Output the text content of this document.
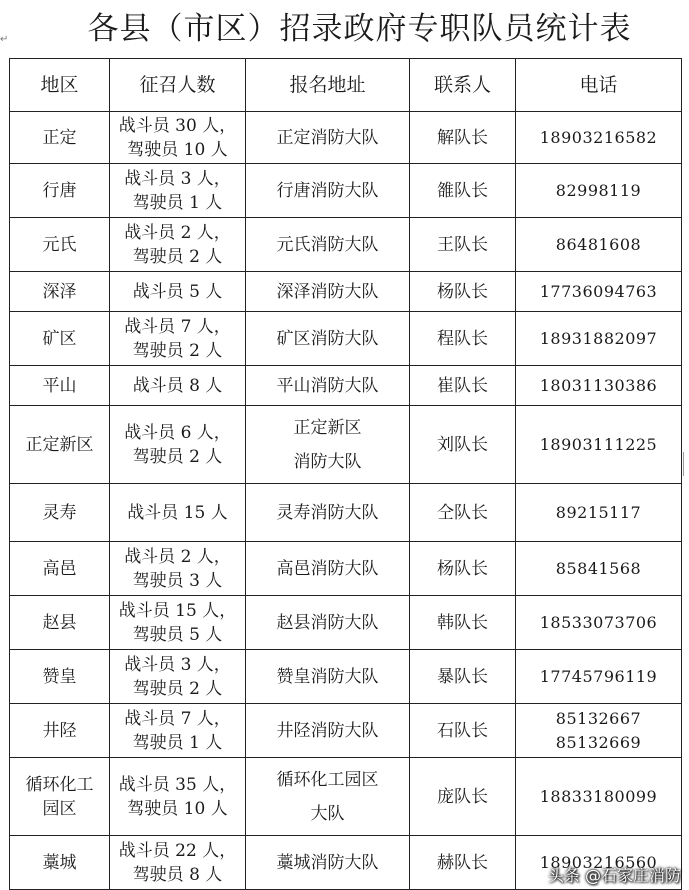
各县（市区）招录政府专职队员统计表
↵
地区	征召人数	报名地址	联系人	电话

正定	战斗员 30 人，
驾驶员 10 人	正定消防大队	解队长	18903216582

行唐	战斗员 3 人，
驾驶员 1 人	行唐消防大队	雒队长	82998119

元氏	战斗员 2 人，
驾驶员 2 人	元氏消防大队	王队长	86481608

深泽	战斗员 5 人	深泽消防大队	杨队长	17736094763

矿区	战斗员 7 人，
驾驶员 2 人	矿区消防大队	程队长	18931882097

平山	战斗员 8 人	平山消防大队	崔队长	18031130386

正定新区	战斗员 6 人，
驾驶员 2 人	正定新区
消防大队	刘队长	18903111225

灵寿	战斗员 15 人	灵寿消防大队	仝队长	89215117

高邑	战斗员 2 人，
驾驶员 3 人	高邑消防大队	杨队长	85841568

赵县	战斗员 15 人，
驾驶员 5 人	赵县消防大队	韩队长	18533073706

赞皇	战斗员 3 人，
驾驶员 2 人	赞皇消防大队	暴队长	17745796119

井陉	战斗员 7 人，
驾驶员 1 人	井陉消防大队	石队长	85132667
85132669

循环化工
园区	战斗员 35 人，
驾驶员 10 人	循环化工园区
大队	庞队长	18833180099

藁城	战斗员 22 人，
驾驶员 8 人	藁城消防大队	赫队长	18903216560
头条 @石家庄消防
